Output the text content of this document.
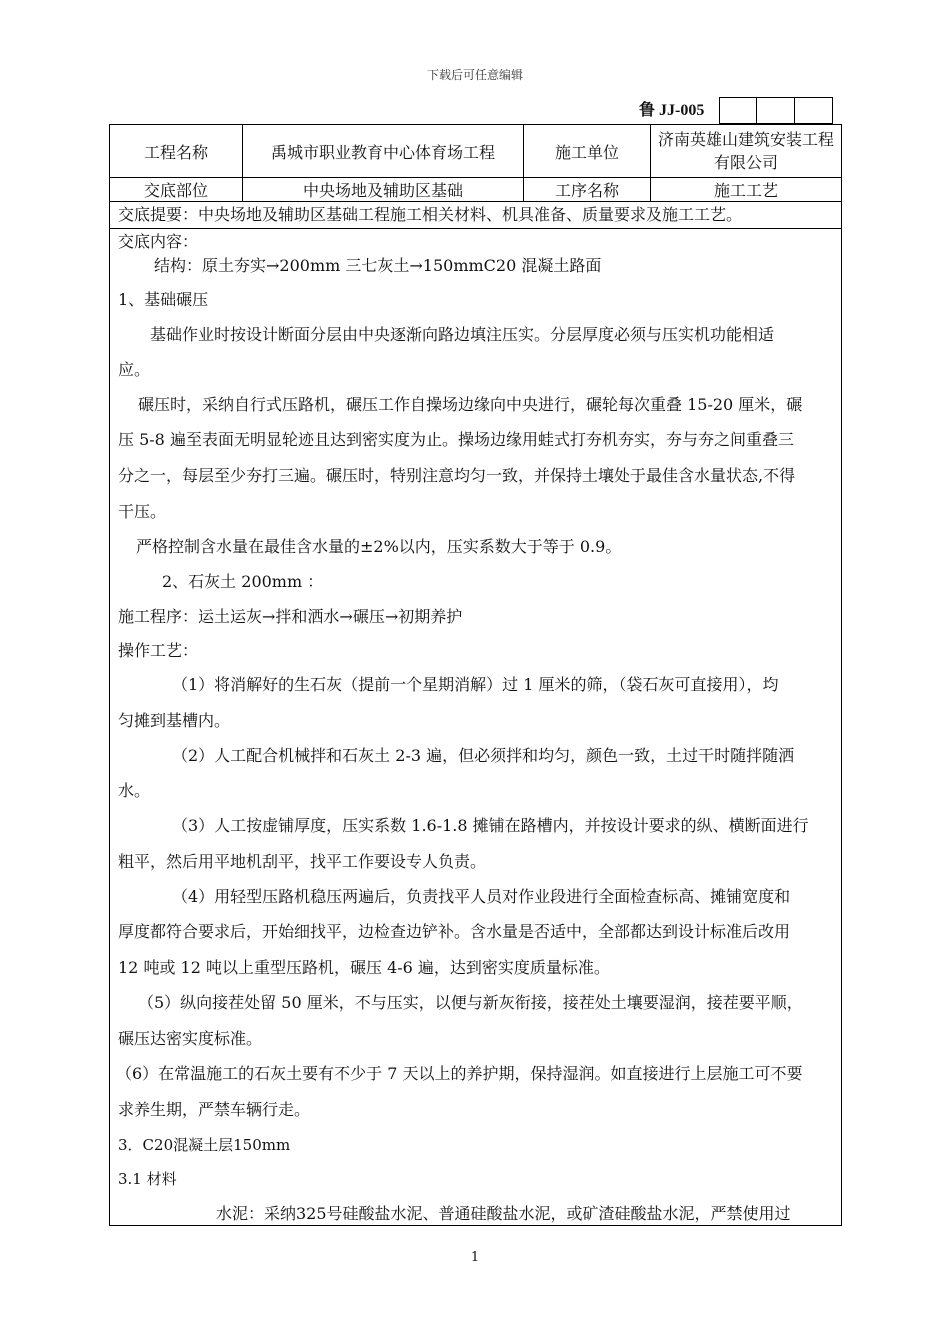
下载后可任意编辑
鲁 JJ-005
工程名称	禹城市职业教育中心体育场工程	施工单位	济南英雄山建筑安装工程
有限公司

交底部位	中央场地及辅助区基础	工序名称	施工工艺
交底提要：中央场地及辅助区基础工程施工相关材料、机具准备、质量要求及施工工艺。
交底内容：
结构：原土夯实→200mm 三七灰土→150mmC20 混凝土路面
1、基础碾压
基础作业时按设计断面分层由中央逐渐向路边填注压实。分层厚度必须与压实机功能相适
应。
碾压时，采纳自行式压路机，碾压工作自操场边缘向中央进行，碾轮每次重叠 15-20 厘米，碾
压 5-8 遍至表面无明显轮迹且达到密实度为止。操场边缘用蛙式打夯机夯实，夯与夯之间重叠三
分之一，每层至少夯打三遍。碾压时，特别注意均匀一致，并保持土壤处于最佳含水量状态,不得
干压。
严格控制含水量在最佳含水量的±2%以内，压实系数大于等于 0.9。
2、石灰土 200mm ：
施工程序：运土运灰→拌和洒水→碾压→初期养护
操作工艺：
（1）将消解好的生石灰（提前一个星期消解）过 1 厘米的筛，（袋石灰可直接用），均
匀摊到基槽内。
（2）人工配合机械拌和石灰土 2-3 遍，但必须拌和均匀，颜色一致，土过干时随拌随洒
水。
（3）人工按虚铺厚度，压实系数 1.6-1.8 摊铺在路槽内，并按设计要求的纵、横断面进行
粗平，然后用平地机刮平，找平工作要设专人负责。
（4）用轻型压路机稳压两遍后，负责找平人员对作业段进行全面检查标高、摊铺宽度和
厚度都符合要求后，开始细找平，边检查边铲补。含水量是否适中，全部都达到设计标准后改用
12 吨或 12 吨以上重型压路机，碾压 4-6 遍，达到密实度质量标准。
（5）纵向接茬处留 50 厘米，不与压实，以便与新灰衔接，接茬处土壤要湿润，接茬要平顺，
碾压达密实度标准。
（6）在常温施工的石灰土要有不少于 7 天以上的养护期，保持湿润。如直接进行上层施工可不要
求养生期，严禁车辆行走。
3．C20混凝土层150mm
3.1 材料
水泥：采纳325号硅酸盐水泥、普通硅酸盐水泥，或矿渣硅酸盐水泥，严禁使用过
1
